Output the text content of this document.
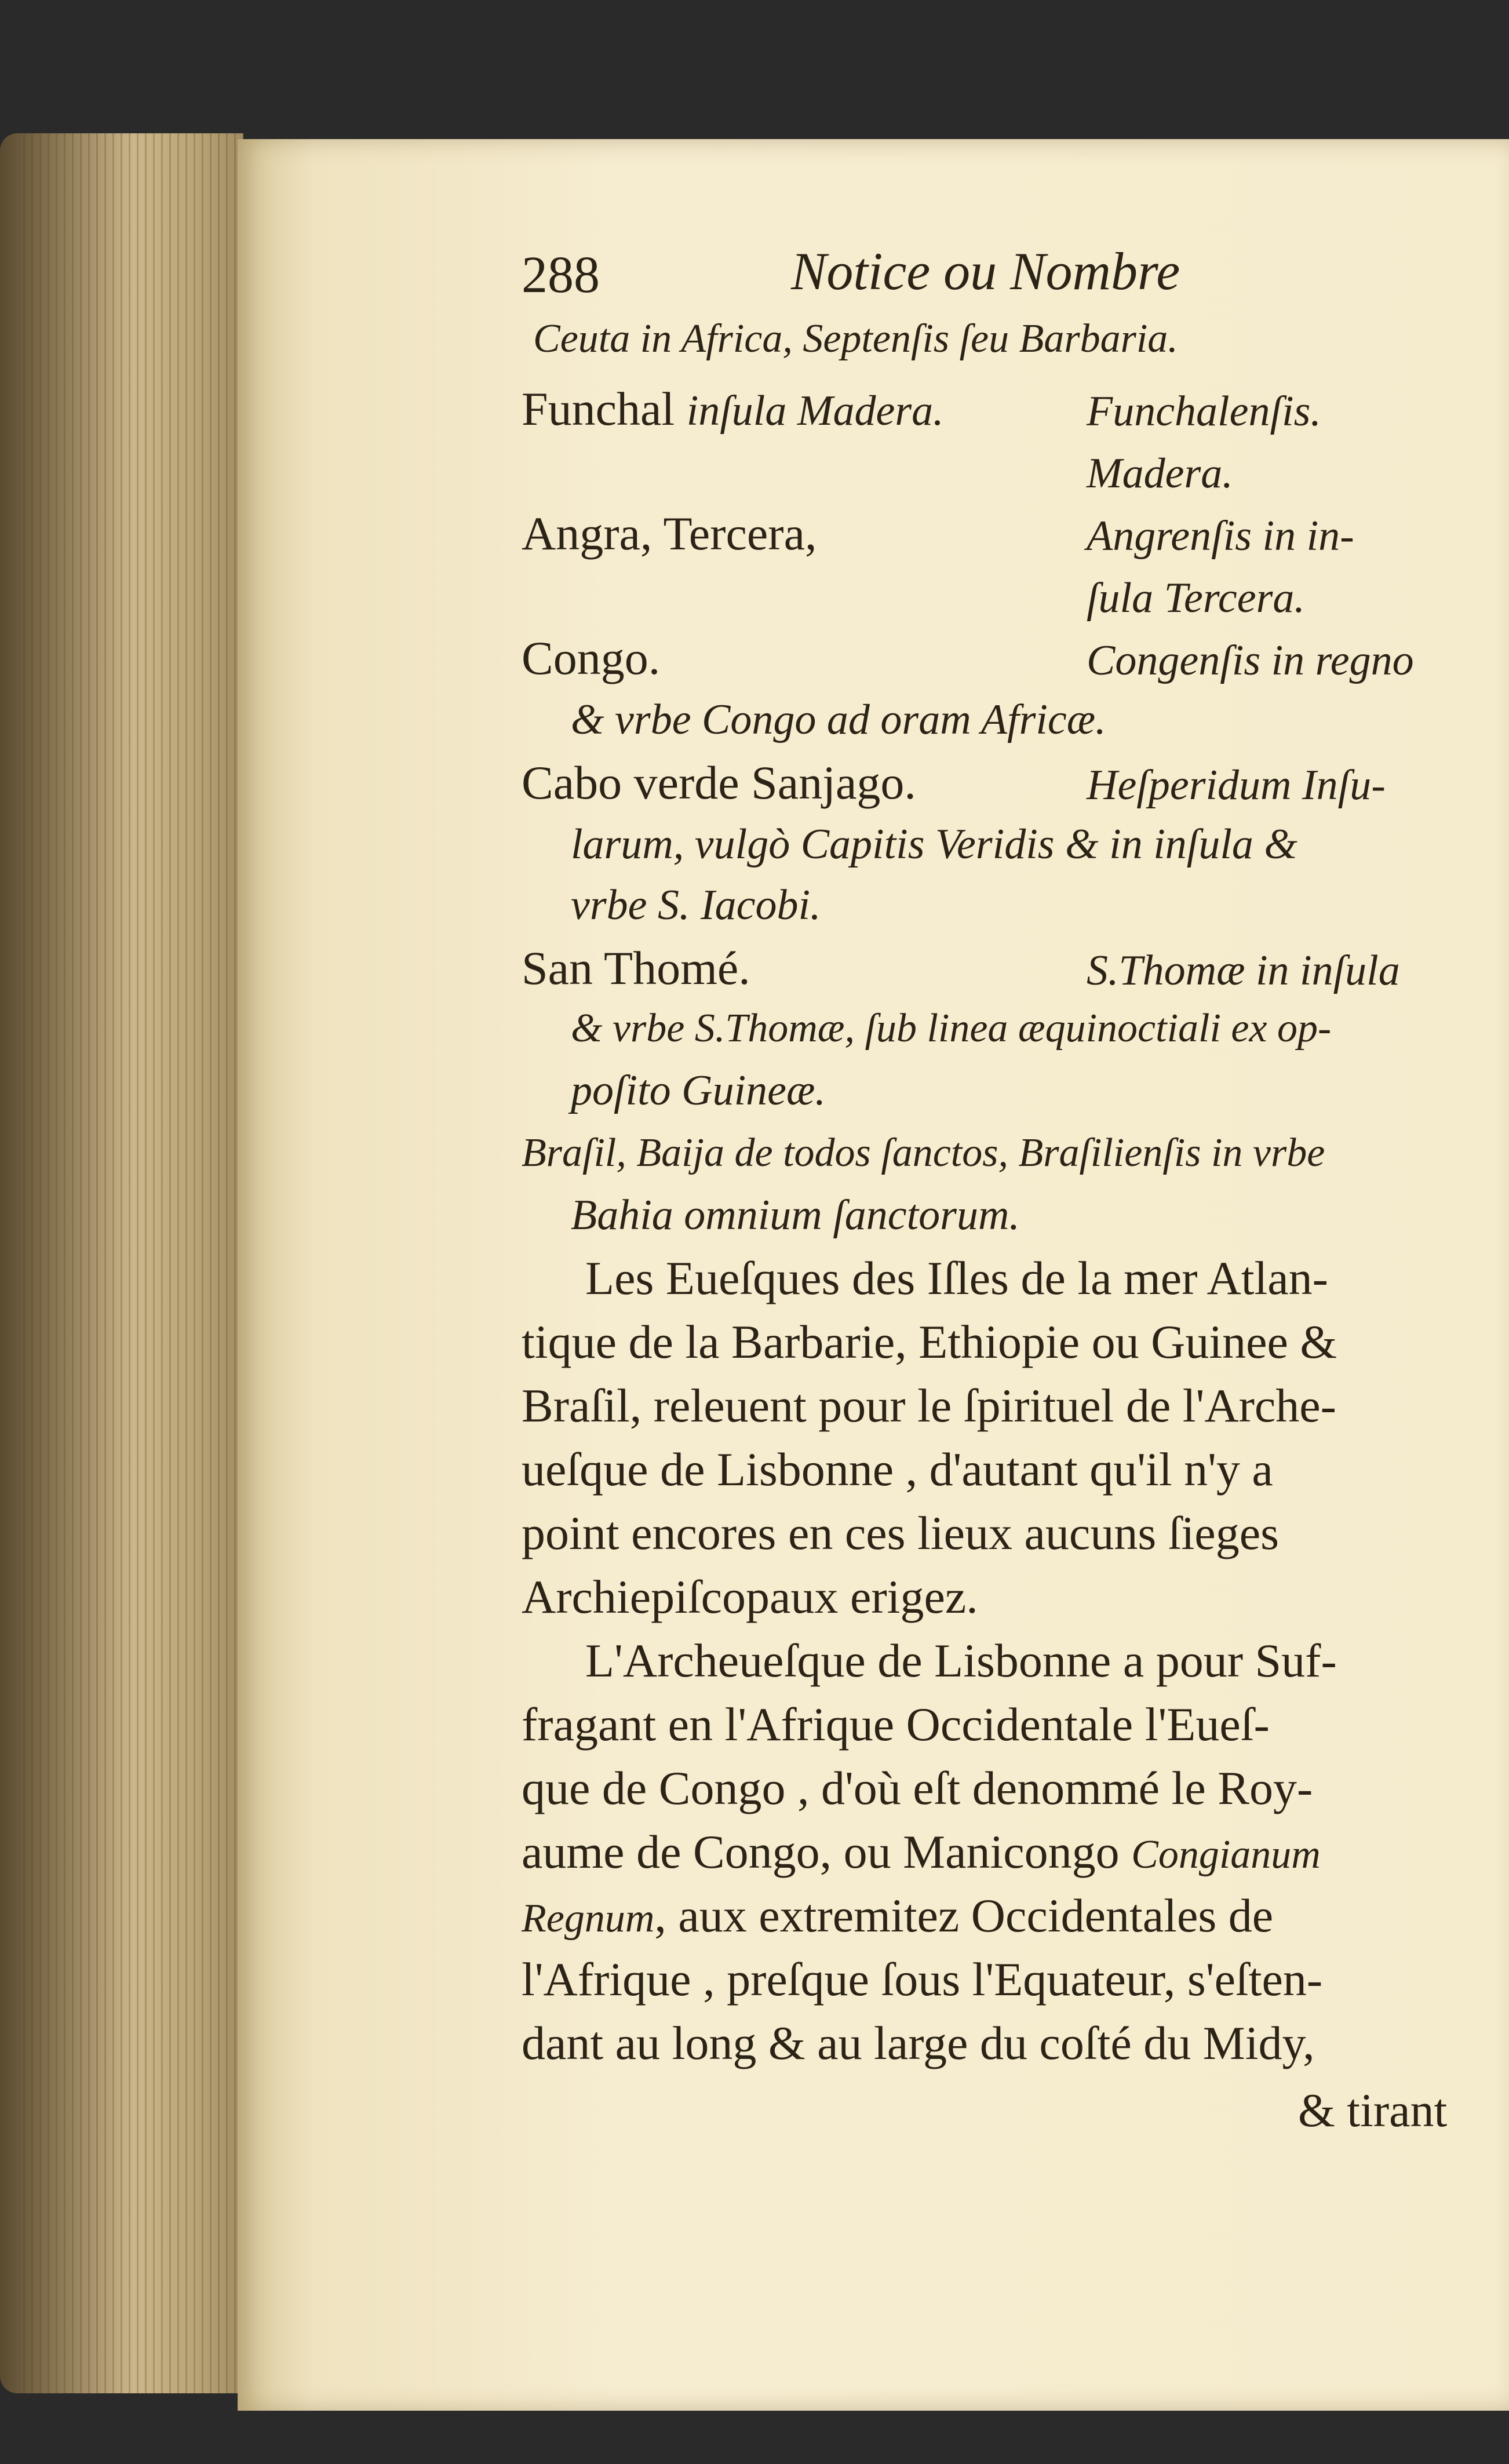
288	Notice ou Nombre
Ceuta in Africa, Septenſis ſeu Barbaria.
Funchal inſula Madera.	Funchalenſis.
Madera.
Angra, Tercera,	Angrenſis in in-
ſula Tercera.
Congo.	Congenſis in regno
& vrbe Congo ad oram Africæ.
Cabo verde Sanjago.	Heſperidum Inſu-
larum, vulgò Capitis Veridis & in inſula &
vrbe S. Iacobi.
San Thomé.	S.Thomæ in inſula
& vrbe S.Thomæ, ſub linea æquinoctiali ex op-
poſito Guineæ.
Braſil, Baija de todos ſanctos, Braſilienſis in vrbe
Bahia omnium ſanctorum.
Les Eueſques des Iſles de la mer Atlan-
tique de la Barbarie, Ethiopie ou Guinee &
Braſil, releuent pour le ſpirituel de l'Arche-
ueſque de Lisbonne , d'autant qu'il n'y a
point encores en ces lieux aucuns ſieges
Archiepiſcopaux erigez.
L'Archeueſque de Lisbonne a pour Suf-
fragant en l'Afrique Occidentale l'Eueſ-
que de Congo , d'où eſt denommé le Roy-
aume de Congo, ou Manicongo Congianum
Regnum, aux extremitez Occidentales de
l'Afrique , preſque ſous l'Equateur, s'eſten-
dant au long & au large du coſté du Midy,
& tirant
